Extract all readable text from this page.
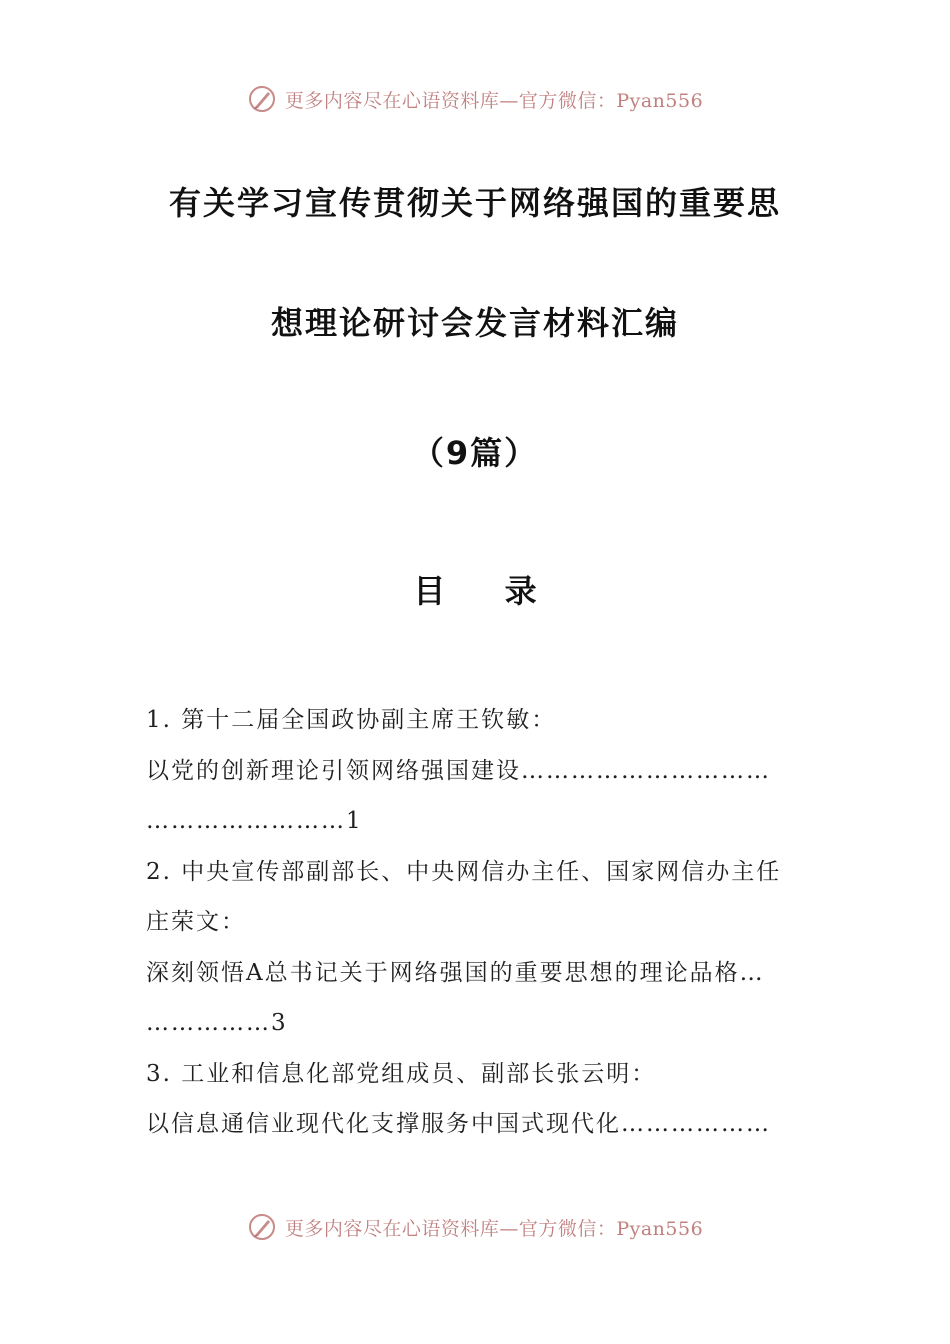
更多内容尽在心语资料库—官方微信：Pyan556
有关学习宣传贯彻关于网络强国的重要思
想理论研讨会发言材料汇编
（9篇）
目 录
1. 第十二届全国政协副主席王钦敏：
以党的创新理论引领网络强国建设…………………………
……………………1
2. 中央宣传部副部长、中央网信办主任、国家网信办主任
庄荣文：
深刻领悟A总书记关于网络强国的重要思想的理论品格…
……………3
3. 工业和信息化部党组成员、副部长张云明：
以信息通信业现代化支撑服务中国式现代化………………
更多内容尽在心语资料库—官方微信：Pyan556
